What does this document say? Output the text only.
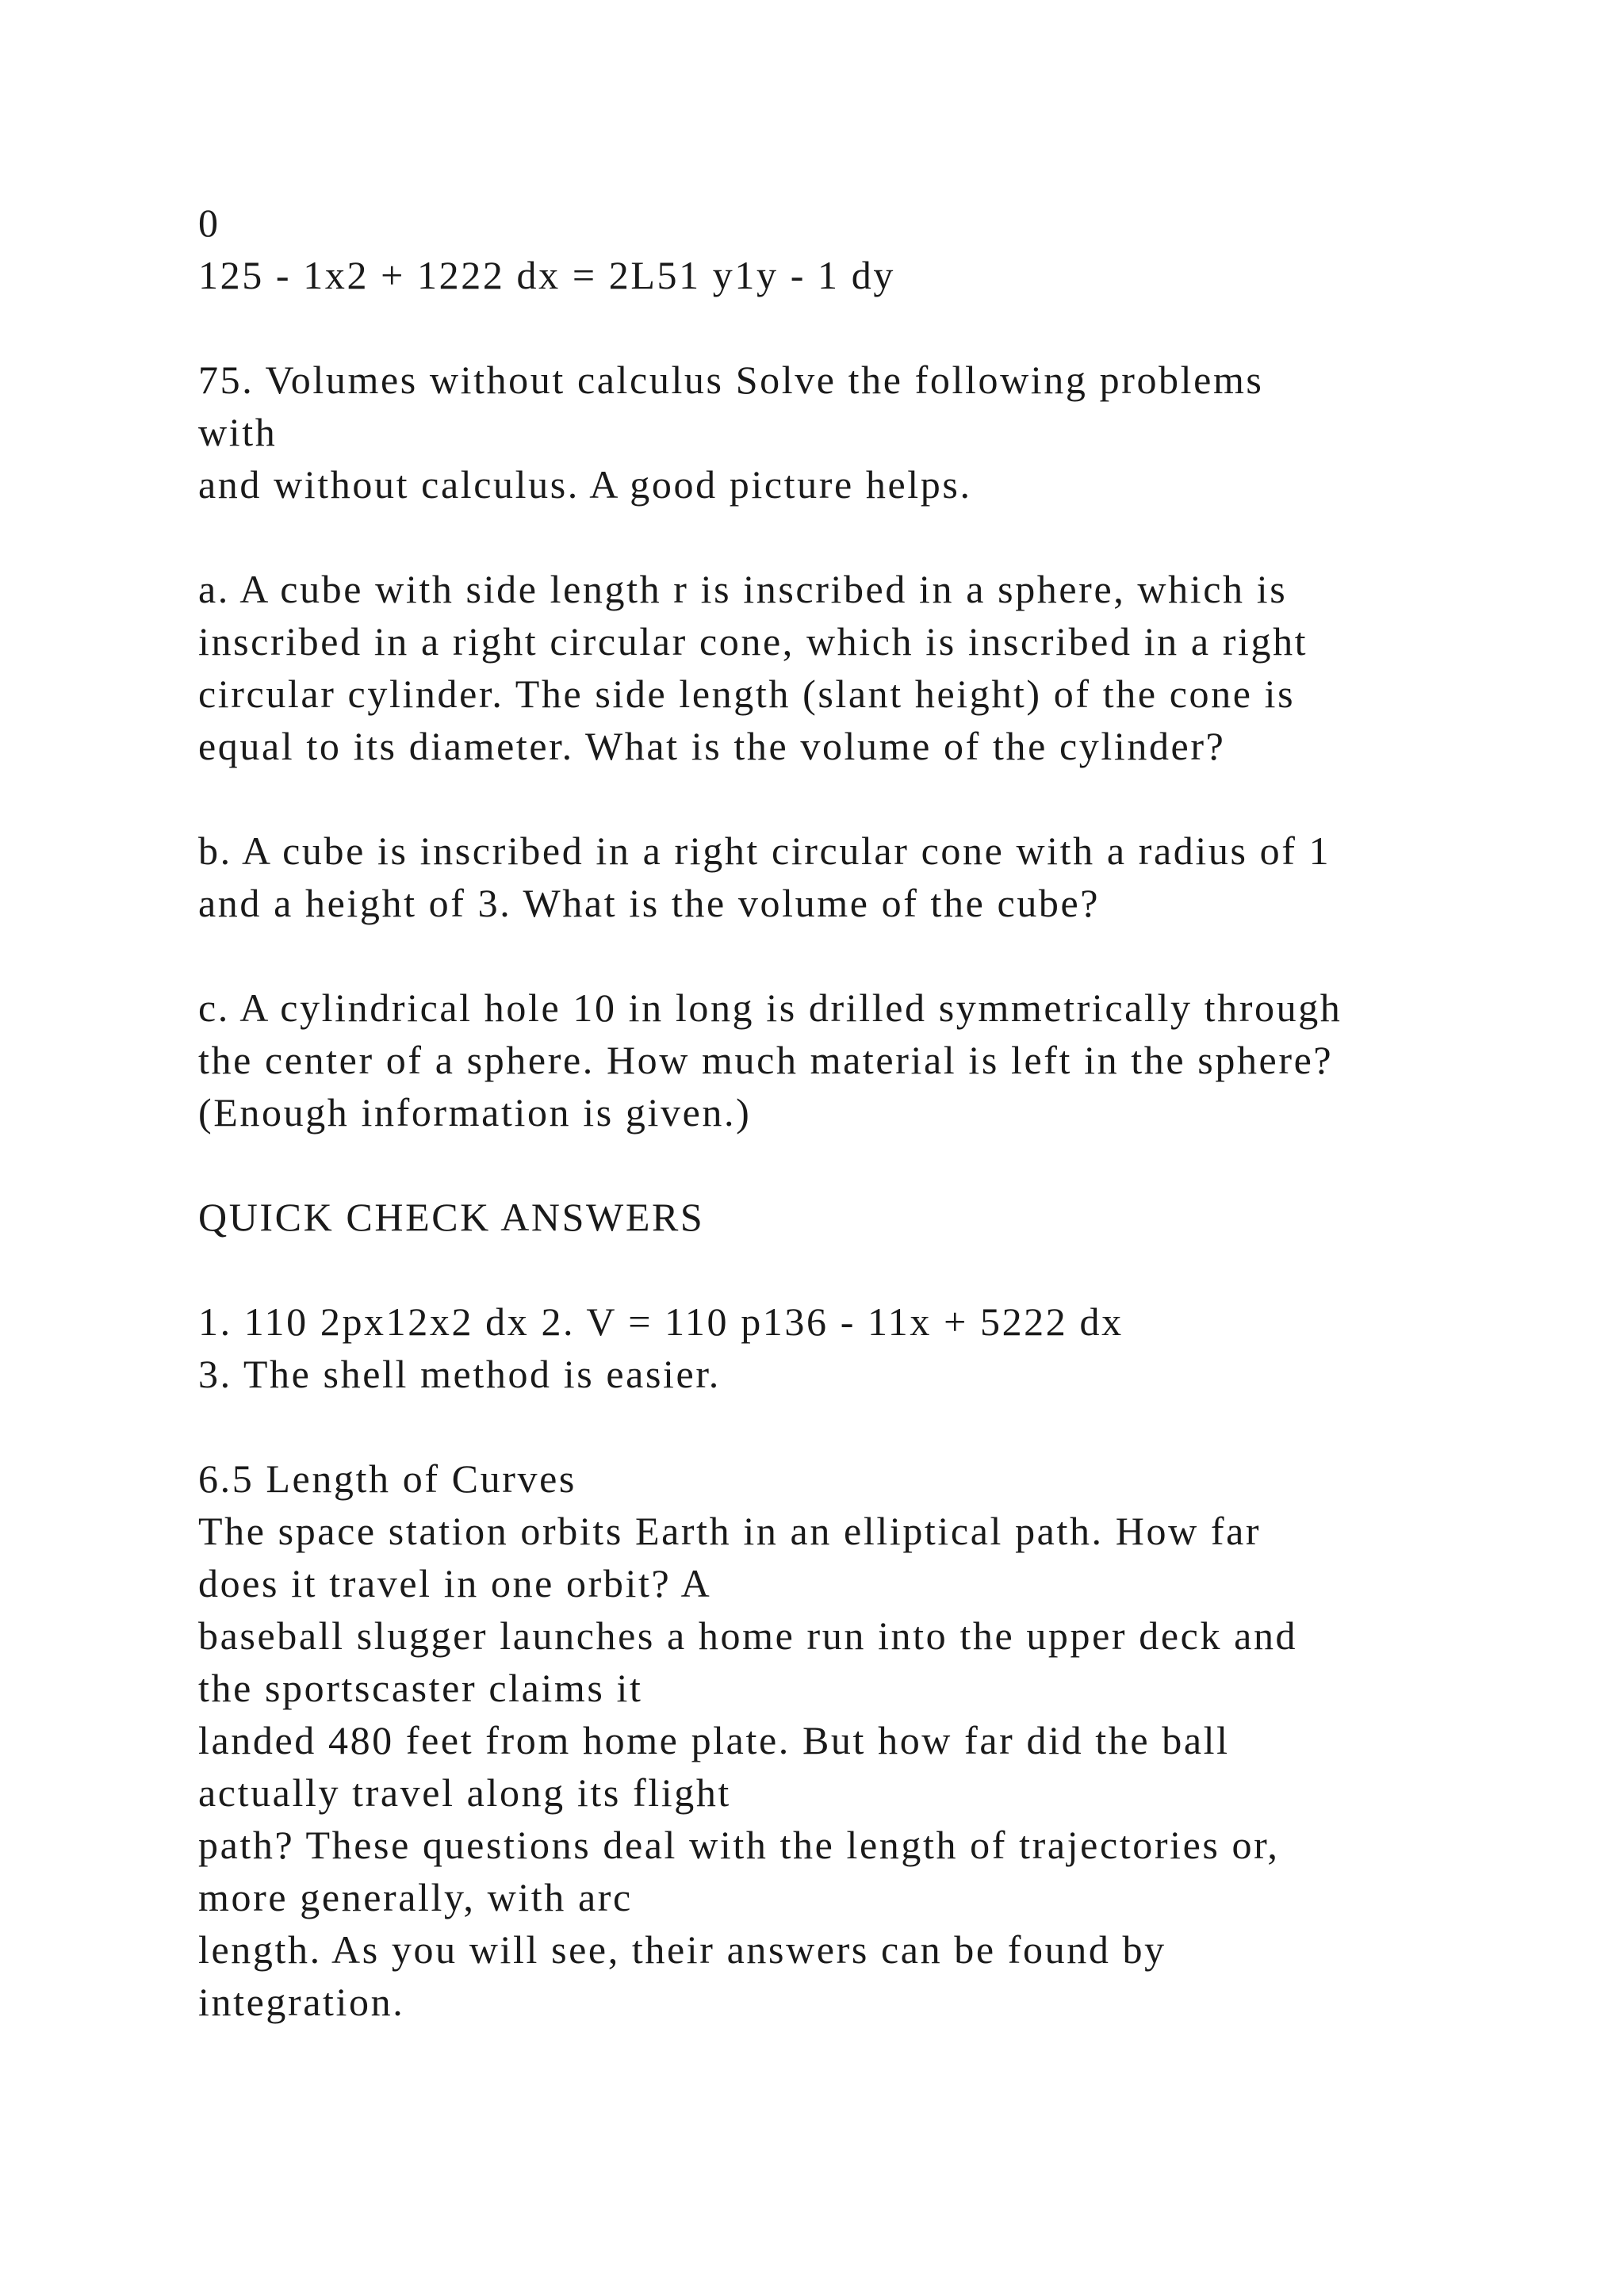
0
125 - 1x2 + 1222 dx = 2L51 y1y - 1 dy
75. Volumes without calculus Solve the following problems
with
and without calculus. A good picture helps.
a. A cube with side length r is inscribed in a sphere, which is
inscribed in a right circular cone, which is inscribed in a right
circular cylinder. The side length (slant height) of the cone is
equal to its diameter. What is the volume of the cylinder?
b. A cube is inscribed in a right circular cone with a radius of 1
and a height of 3. What is the volume of the cube?
c. A cylindrical hole 10 in long is drilled symmetrically through
the center of a sphere. How much material is left in the sphere?
(Enough information is given.)
QUICK CHECK ANSWERS
1. 110 2px12x2 dx 2. V = 110 p136 - 11x + 5222 dx
3. The shell method is easier.
6.5 Length of Curves
The space station orbits Earth in an elliptical path. How far
does it travel in one orbit? A
baseball slugger launches a home run into the upper deck and
the sportscaster claims it
landed 480 feet from home plate. But how far did the ball
actually travel along its flight
path? These questions deal with the length of trajectories or,
more generally, with arc
length. As you will see, their answers can be found by
integration.
